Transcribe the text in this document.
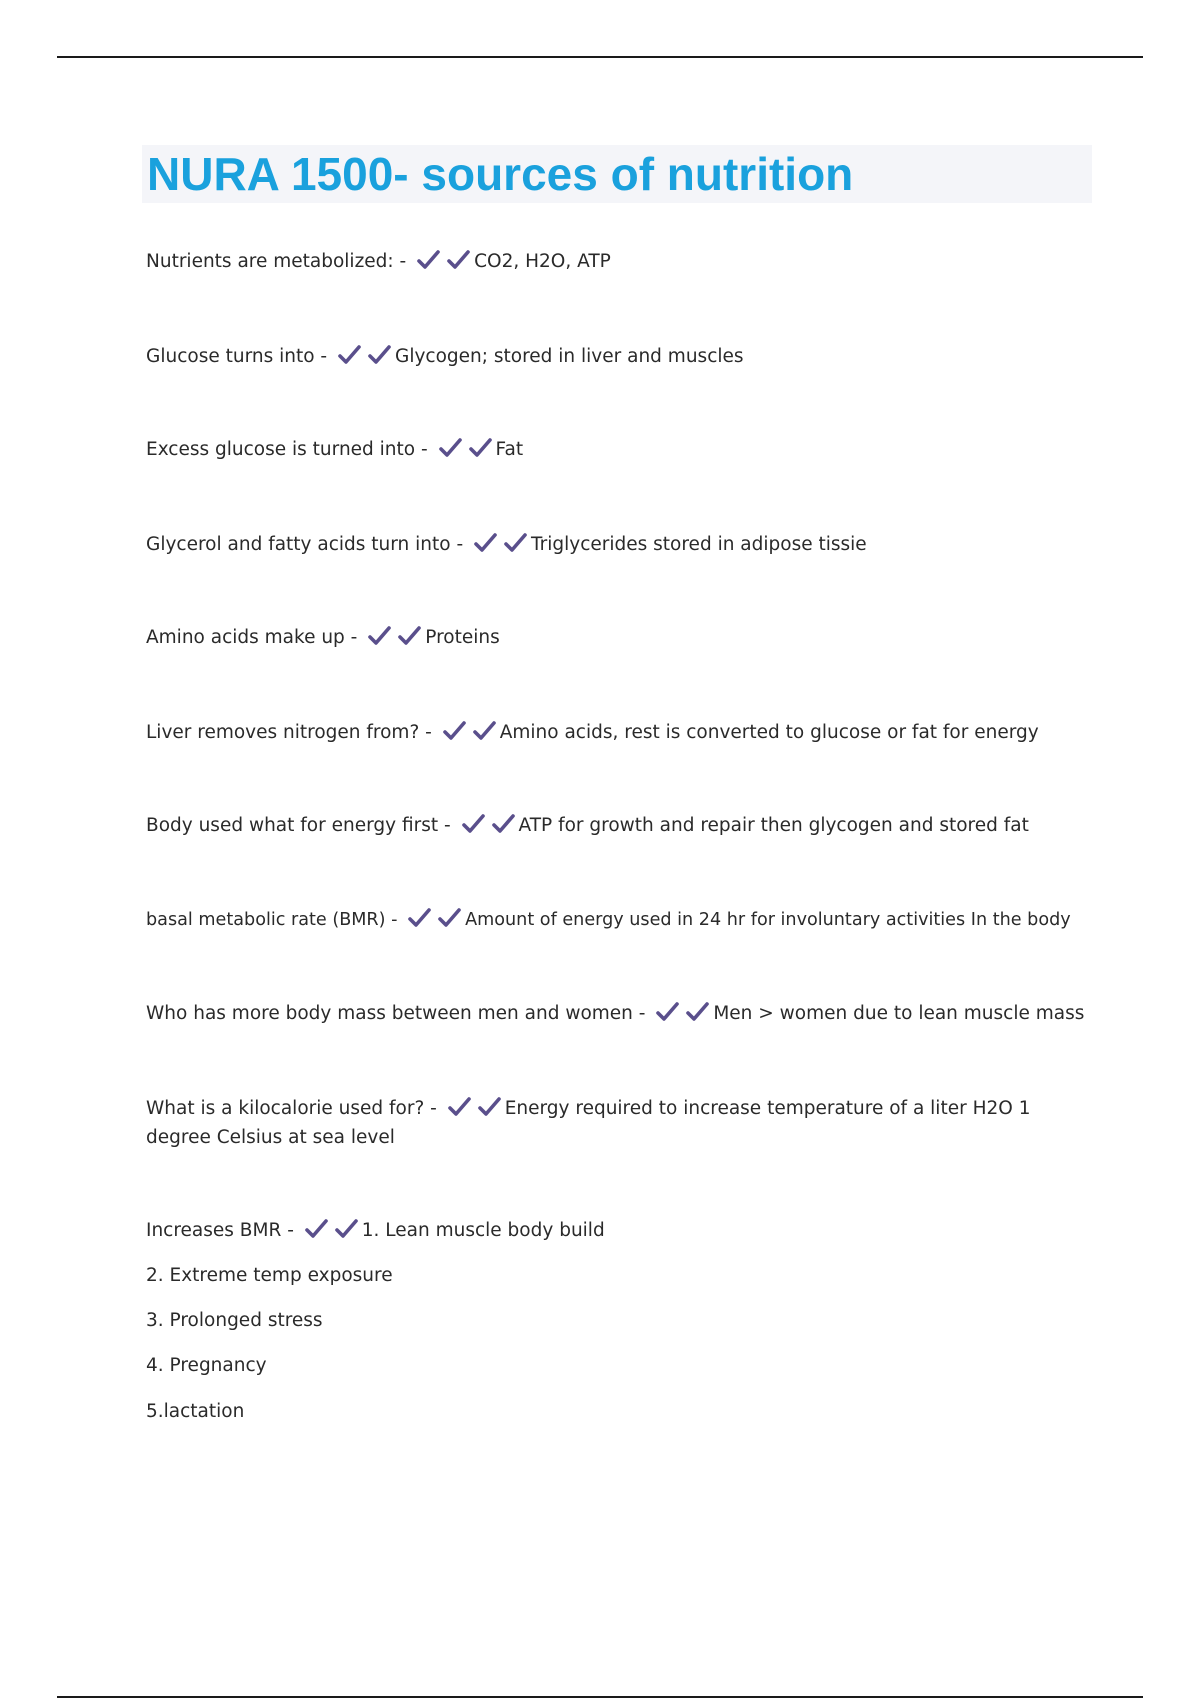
NURA 1500- sources of nutrition

Nutrients are metabolized: -	CO2, H2O, ATP

Glucose turns into -	Glycogen; stored in liver and muscles

Excess glucose is turned into -	Fat

Glycerol and fatty acids turn into -	Triglycerides stored in adipose tissie

Amino acids make up -	Proteins

Liver removes nitrogen from? -	Amino acids, rest is converted to glucose or fat for energy

Body used what for energy first -	ATP for growth and repair then glycogen and stored fat

basal metabolic rate (BMR) -	Amount of energy used in 24 hr for involuntary activities In the body

Who has more body mass between men and women -	Men > women due to lean muscle mass

What is a kilocalorie used for? -	Energy required to increase temperature of a liter H2O 1 degree Celsius at sea level

Increases BMR -	1. Lean muscle body build

2. Extreme temp exposure

3. Prolonged stress

4. Pregnancy

5.lactation
